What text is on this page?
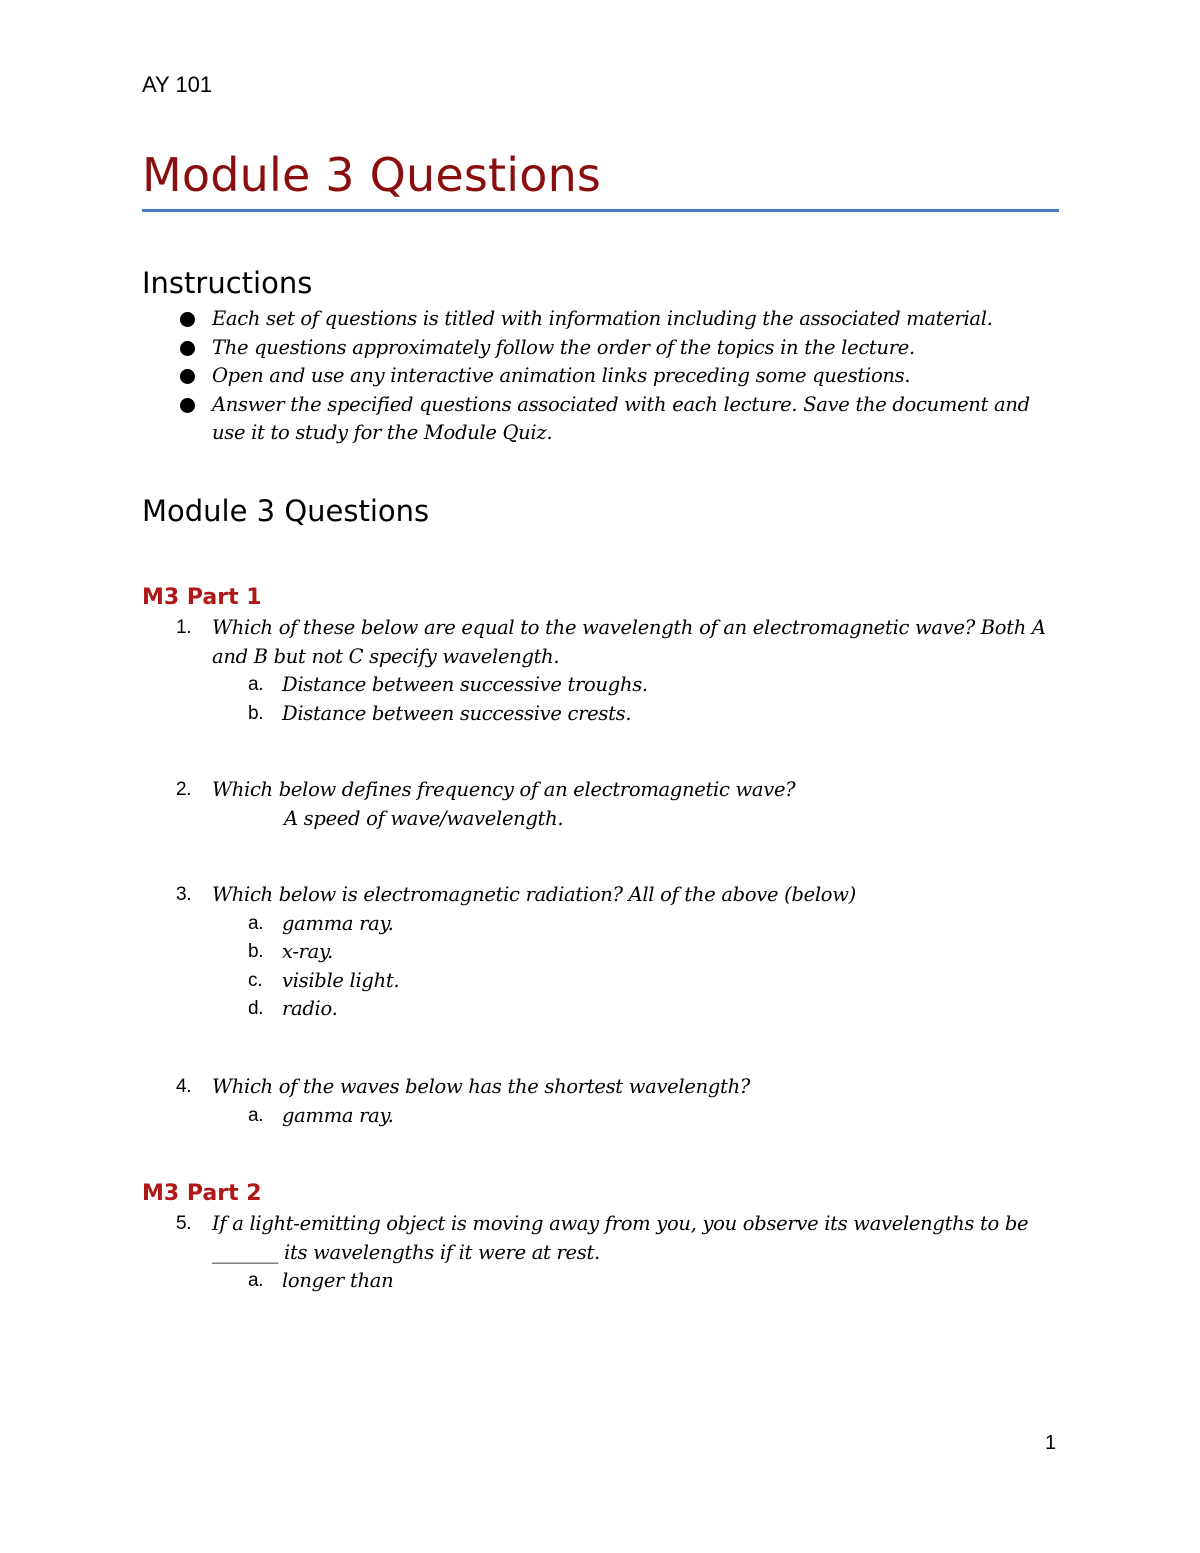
AY 101
Module 3 Questions
Instructions
Each set of questions is titled with information including the associated material.
The questions approximately follow the order of the topics in the lecture.
Open and use any interactive animation links preceding some questions.
Answer the specified questions associated with each lecture. Save the document and use it to study for the Module Quiz.
Module 3 Questions
M3 Part 1
1.	Which of these below are equal to the wavelength of an electromagnetic wave? Both A and B but not C specify wavelength.
a. Distance between successive troughs.
b. Distance between successive crests.
2.	Which below defines frequency of an electromagnetic wave?
A speed of wave/wavelength.
3.	Which below is electromagnetic radiation? All of the above (below)
a. gamma ray.
b. x-ray.
c. visible light.
d. radio.
4.	Which of the waves below has the shortest wavelength?
a. gamma ray.
M3 Part 2
5.	If a light-emitting object is moving away from you, you observe its wavelengths to be _______ its wavelengths if it were at rest.
a. longer than
1
